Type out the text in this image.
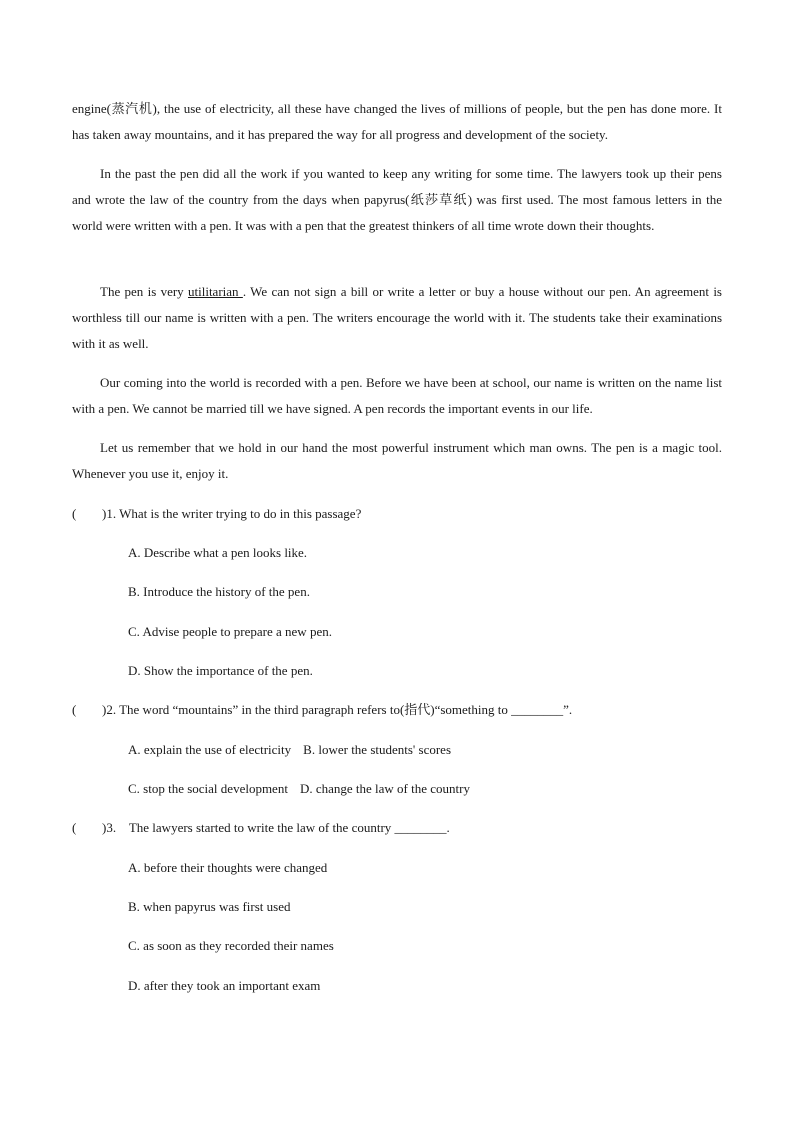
engine(蒸汽机), the use of electricity, all these have changed the lives of millions of people, but the pen has done more. It has taken away mountains, and it has prepared the way for all progress and development of the society.

In the past the pen did all the work if you wanted to keep any writing for some time. The lawyers took up their pens and wrote the law of the country from the days when papyrus(纸莎草纸) was first used. The most famous letters in the world were written with a pen. It was with a pen that the greatest thinkers of all time wrote down their thoughts.

The pen is very utilitarian . We can not sign a bill or write a letter or buy a house without our pen. An agreement is worthless till our name is written with a pen. The writers encourage the world with it. The students take their examinations with it as well.

Our coming into the world is recorded with a pen. Before we have been at school, our name is written on the name list with a pen. We cannot be married till we have signed. A pen records the important events in our life.

Let us remember that we hold in our hand the most powerful instrument which man owns. The pen is a magic tool. Whenever you use it, enjoy it.

( )1. What is the writer trying to do in this passage?
A. Describe what a pen looks like.
B. Introduce the history of the pen.
C. Advise people to prepare a new pen.
D. Show the importance of the pen.
( )2. The word “mountains” in the third paragraph refers to(指代)“something to ________”.
A. explain the use of electricity B. lower the students' scores
C. stop the social development D. change the law of the country
( )3.    The lawyers started to write the law of the country ________.
A. before their thoughts were changed
B. when papyrus was first used
C. as soon as they recorded their names
D. after they took an important exam
